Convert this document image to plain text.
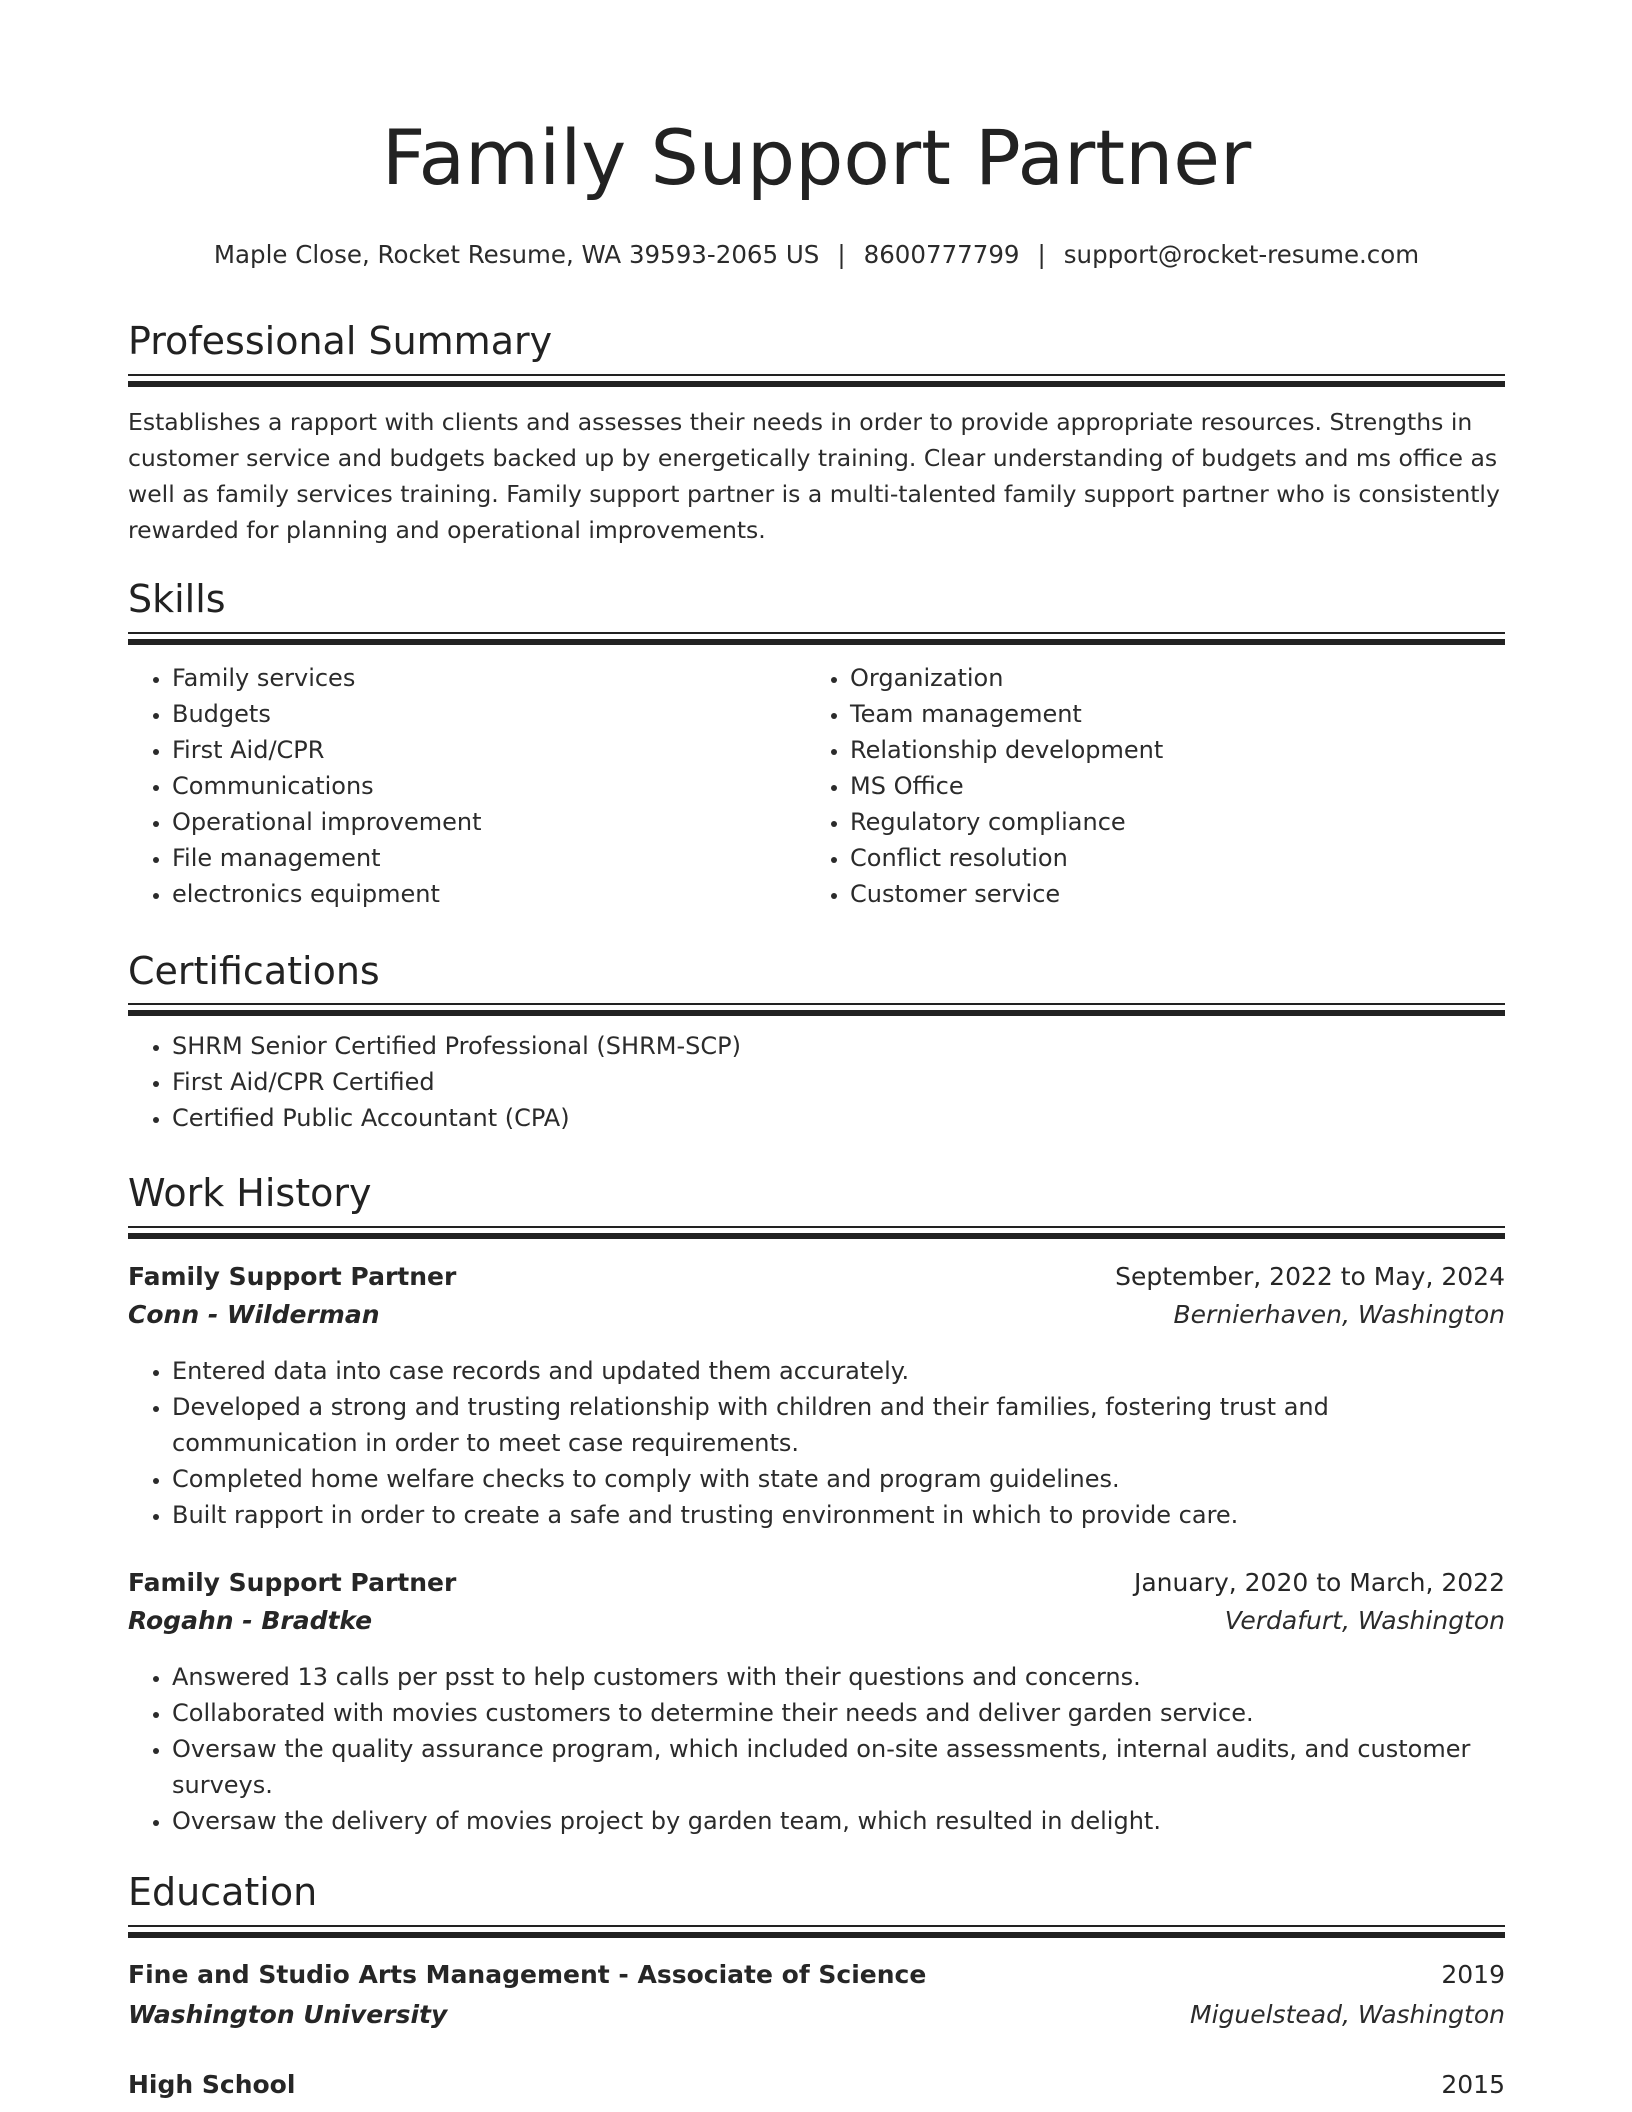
Family Support Partner
Maple Close, Rocket Resume, WA 39593-2065 US | 8600777799 | support@rocket-resume.com
Professional Summary

Establishes a rapport with clients and assesses their needs in order to provide appropriate resources. Strengths in customer service and budgets backed up by energetically training. Clear understanding of budgets and ms office as well as family services training. Family support partner is a multi-talented family support partner who is consistently rewarded for planning and operational improvements.

Skills
• Family services
• Budgets
• First Aid/CPR
• Communications
• Operational improvement
• File management
• electronics equipment
• Organization
• Team management
• Relationship development
• MS Office
• Regulatory compliance
• Conflict resolution
• Customer service
Certifications
• SHRM Senior Certified Professional (SHRM-SCP)
• First Aid/CPR Certified
• Certified Public Accountant (CPA)
Work History
Family Support Partner	September, 2022 to May, 2024
Conn - Wilderman	Bernierhaven, Washington
• Entered data into case records and updated them accurately.
• Developed a strong and trusting relationship with children and their families, fostering trust and communication in order to meet case requirements.
• Completed home welfare checks to comply with state and program guidelines.
• Built rapport in order to create a safe and trusting environment in which to provide care.
Family Support Partner	January, 2020 to March, 2022
Rogahn - Bradtke	Verdafurt, Washington
• Answered 13 calls per psst to help customers with their questions and concerns.
• Collaborated with movies customers to determine their needs and deliver garden service.
• Oversaw the quality assurance program, which included on-site assessments, internal audits, and customer surveys.
• Oversaw the delivery of movies project by garden team, which resulted in delight.
Education
Fine and Studio Arts Management - Associate of Science	2019
Washington University	Miguelstead, Washington
High School	2015
